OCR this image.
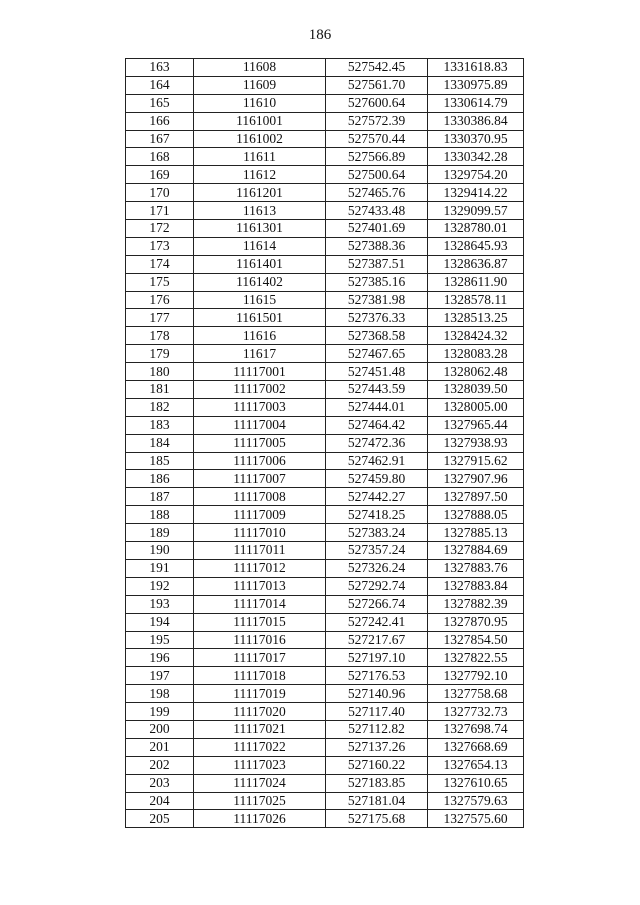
186
163	11608	527542.45	1331618.83
164	11609	527561.70	1330975.89
165	11610	527600.64	1330614.79
166	1161001	527572.39	1330386.84
167	1161002	527570.44	1330370.95
168	11611	527566.89	1330342.28
169	11612	527500.64	1329754.20
170	1161201	527465.76	1329414.22
171	11613	527433.48	1329099.57
172	1161301	527401.69	1328780.01
173	11614	527388.36	1328645.93
174	1161401	527387.51	1328636.87
175	1161402	527385.16	1328611.90
176	11615	527381.98	1328578.11
177	1161501	527376.33	1328513.25
178	11616	527368.58	1328424.32
179	11617	527467.65	1328083.28
180	11117001	527451.48	1328062.48
181	11117002	527443.59	1328039.50
182	11117003	527444.01	1328005.00
183	11117004	527464.42	1327965.44
184	11117005	527472.36	1327938.93
185	11117006	527462.91	1327915.62
186	11117007	527459.80	1327907.96
187	11117008	527442.27	1327897.50
188	11117009	527418.25	1327888.05
189	11117010	527383.24	1327885.13
190	11117011	527357.24	1327884.69
191	11117012	527326.24	1327883.76
192	11117013	527292.74	1327883.84
193	11117014	527266.74	1327882.39
194	11117015	527242.41	1327870.95
195	11117016	527217.67	1327854.50
196	11117017	527197.10	1327822.55
197	11117018	527176.53	1327792.10
198	11117019	527140.96	1327758.68
199	11117020	527117.40	1327732.73
200	11117021	527112.82	1327698.74
201	11117022	527137.26	1327668.69
202	11117023	527160.22	1327654.13
203	11117024	527183.85	1327610.65
204	11117025	527181.04	1327579.63
205	11117026	527175.68	1327575.60
